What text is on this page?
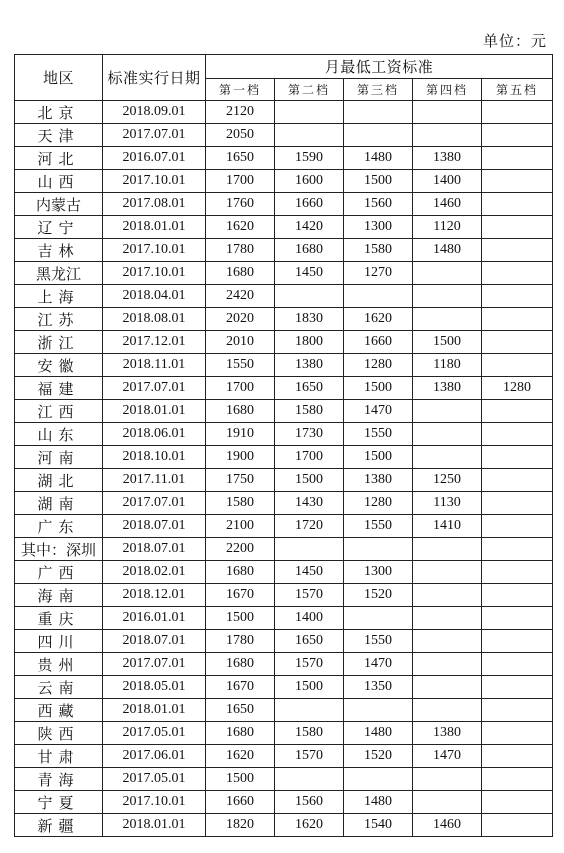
单位：元
地区	标准实行日期	月最低工资标准				
		第一档	第二档	第三档	第四档	第五档
北京	2018.09.01	2120				
天津	2017.07.01	2050				
河北	2016.07.01	1650	1590	1480	1380	
山西	2017.10.01	1700	1600	1500	1400	
内蒙古	2017.08.01	1760	1660	1560	1460	
辽宁	2018.01.01	1620	1420	1300	1120	
吉林	2017.10.01	1780	1680	1580	1480	
黑龙江	2017.10.01	1680	1450	1270		
上海	2018.04.01	2420				
江苏	2018.08.01	2020	1830	1620		
浙江	2017.12.01	2010	1800	1660	1500	
安徽	2018.11.01	1550	1380	1280	1180	
福建	2017.07.01	1700	1650	1500	1380	1280
江西	2018.01.01	1680	1580	1470		
山东	2018.06.01	1910	1730	1550		
河南	2018.10.01	1900	1700	1500		
湖北	2017.11.01	1750	1500	1380	1250	
湖南	2017.07.01	1580	1430	1280	1130	
广东	2018.07.01	2100	1720	1550	1410	
其中：深圳	2018.07.01	2200				
广西	2018.02.01	1680	1450	1300		
海南	2018.12.01	1670	1570	1520		
重庆	2016.01.01	1500	1400			
四川	2018.07.01	1780	1650	1550		
贵州	2017.07.01	1680	1570	1470		
云南	2018.05.01	1670	1500	1350		
西藏	2018.01.01	1650				
陕西	2017.05.01	1680	1580	1480	1380	
甘肃	2017.06.01	1620	1570	1520	1470	
青海	2017.05.01	1500				
宁夏	2017.10.01	1660	1560	1480		
新疆	2018.01.01	1820	1620	1540	1460	
